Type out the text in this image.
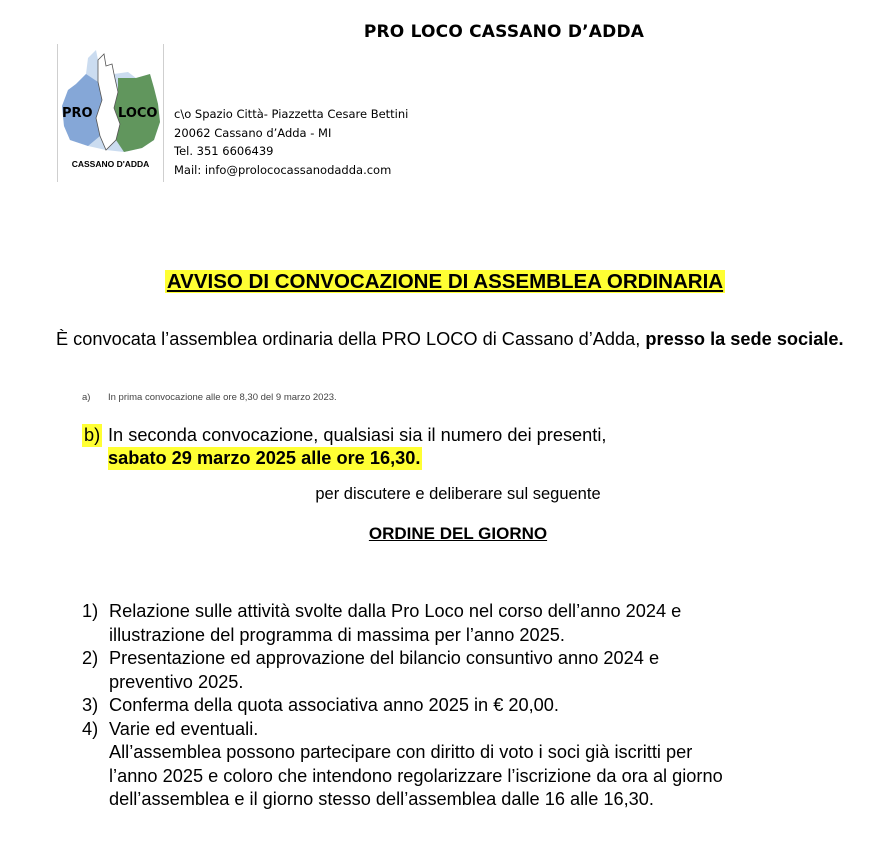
PRO LOCO CASSANO D’ADDA
PRO LOCO
CASSANO D'ADDA
c\o Spazio Città- Piazzetta Cesare Bettini
20062 Cassano d’Adda - MI
Tel. 351 6606439
Mail: info@prolococassanodadda.com
AVVISO DI CONVOCAZIONE DI ASSEMBLEA ORDINARIA
È convocata l’assemblea ordinaria della PRO LOCO di Cassano d’Adda, presso la sede sociale.
a) In prima convocazione alle ore 8,30 del 9 marzo 2023.
b) In seconda convocazione, qualsiasi sia il numero dei presenti,
sabato 29 marzo 2025 alle ore 16,30.
per discutere e deliberare sul seguente
ORDINE DEL GIORNO
1) Relazione sulle attività svolte dalla Pro Loco nel corso dell’anno 2024 e
illustrazione del programma di massima per l’anno 2025.
2) Presentazione ed approvazione del bilancio consuntivo anno 2024 e
preventivo 2025.
3) Conferma della quota associativa anno 2025 in € 20,00.
4) Varie ed eventuali.
All’assemblea possono partecipare con diritto di voto i soci già iscritti per
l’anno 2025 e coloro che intendono regolarizzare l’iscrizione da ora al giorno
dell’assemblea e il giorno stesso dell’assemblea dalle 16 alle 16,30.
